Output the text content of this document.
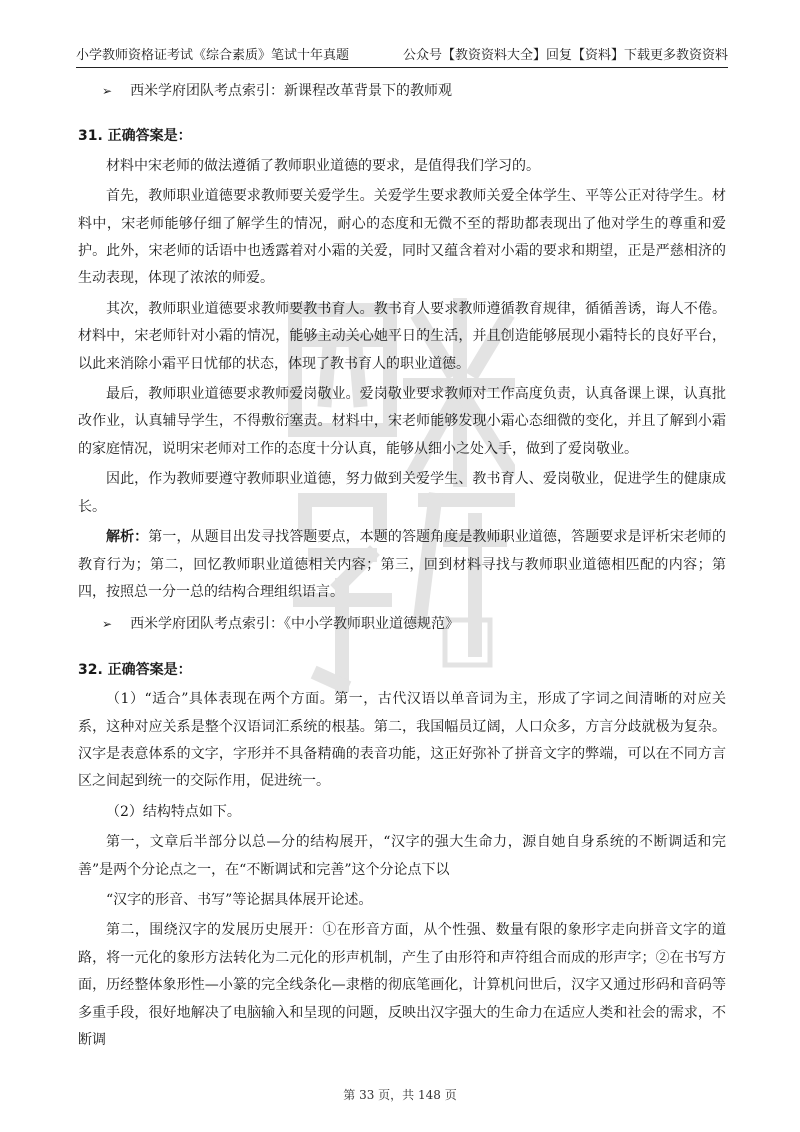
小学教师资格证考试《综合素质》笔试十年真题	公众号【教资资料大全】回复【资料】下载更多教资资料
➢ 西米学府团队考点索引：新课程改革背景下的教师观
31. 正确答案是：
材料中宋老师的做法遵循了教师职业道德的要求，是值得我们学习的。
首先，教师职业道德要求教师要关爱学生。关爱学生要求教师关爱全体学生、平等公正对待学生。材料中，宋老师能够仔细了解学生的情况，耐心的态度和无微不至的帮助都表现出了他对学生的尊重和爱护。此外，宋老师的话语中也透露着对小霜的关爱，同时又蕴含着对小霜的要求和期望，正是严慈相济的生动表现，体现了浓浓的师爱。
其次，教师职业道德要求教师要教书育人。教书育人要求教师遵循教育规律，循循善诱，诲人不倦。材料中，宋老师针对小霜的情况，能够主动关心她平日的生活，并且创造能够展现小霜特长的良好平台，以此来消除小霜平日忧郁的状态，体现了教书育人的职业道德。
最后，教师职业道德要求教师爱岗敬业。爱岗敬业要求教师对工作高度负责，认真备课上课，认真批改作业，认真辅导学生，不得敷衍塞责。材料中，宋老师能够发现小霜心态细微的变化，并且了解到小霜的家庭情况，说明宋老师对工作的态度十分认真，能够从细小之处入手，做到了爱岗敬业。
因此，作为教师要遵守教师职业道德，努力做到关爱学生、教书育人、爱岗敬业，促进学生的健康成长。
解析：第一，从题目出发寻找答题要点，本题的答题角度是教师职业道德，答题要求是评析宋老师的教育行为；第二，回忆教师职业道德相关内容；第三，回到材料寻找与教师职业道德相匹配的内容；第四，按照总一分一总的结构合理组织语言。
➢ 西米学府团队考点索引：《中小学教师职业道德规范》
32. 正确答案是：
（1）“适合”具体表现在两个方面。第一，古代汉语以单音词为主，形成了字词之间清晰的对应关系，这种对应关系是整个汉语词汇系统的根基。第二，我国幅员辽阔，人口众多，方言分歧就极为复杂。汉字是表意体系的文字，字形并不具备精确的表音功能，这正好弥补了拼音文字的弊端，可以在不同方言区之间起到统一的交际作用，促进统一。
（2）结构特点如下。
第一，文章后半部分以总—分的结构展开，“汉字的强大生命力，源自她自身系统的不断调适和完善”是两个分论点之一，在“不断调试和完善”这个分论点下以
“汉字的形音、书写”等论据具体展开论述。
第二，围绕汉字的发展历史展开：①在形音方面，从个性强、数量有限的象形字走向拼音文字的道路，将一元化的象形方法转化为二元化的形声机制，产生了由形符和声符组合而成的形声字；②在书写方面，历经整体象形性—小篆的完全线条化—隶楷的彻底笔画化，计算机问世后，汉字又通过形码和音码等多重手段，很好地解决了电脑输入和呈现的问题，反映出汉字强大的生命力在适应人类和社会的需求，不断调
第 33 页，共 148 页
